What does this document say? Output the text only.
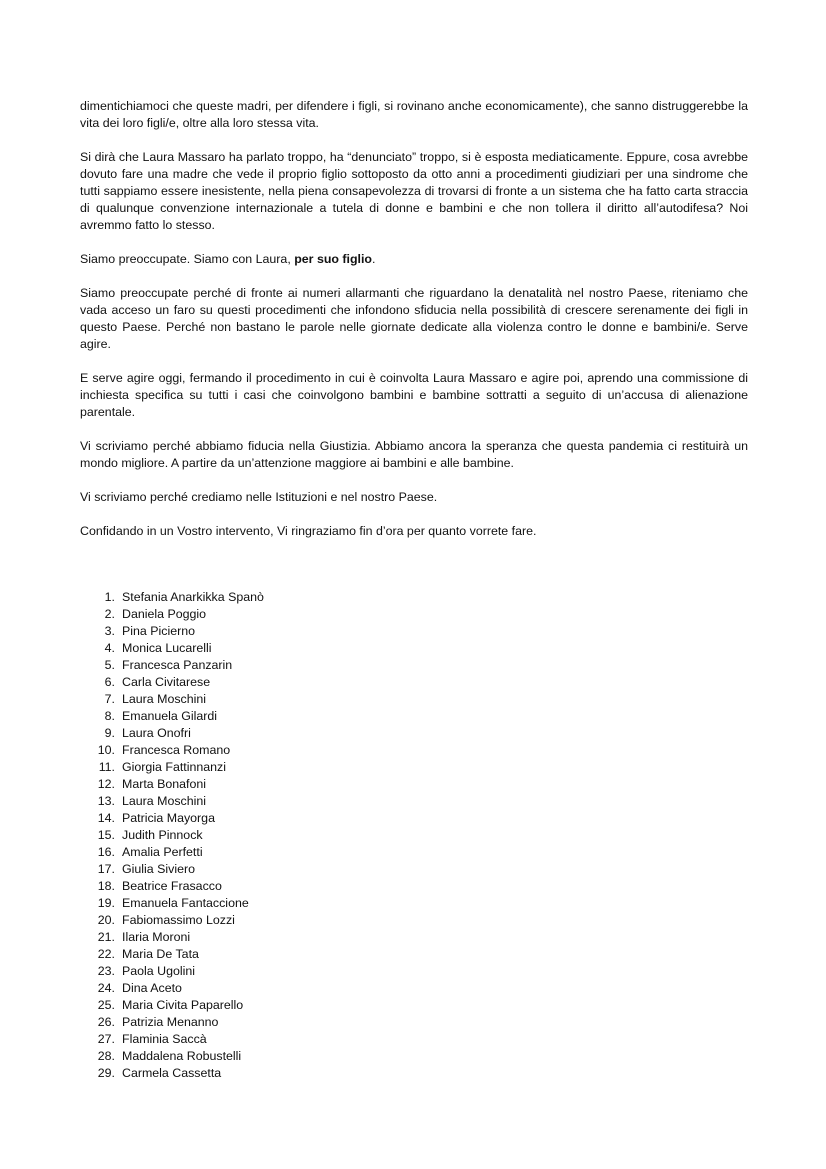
dimentichiamoci che queste madri, per difendere i figli, si rovinano anche economicamente), che sanno distruggerebbe la vita dei loro figli/e, oltre alla loro stessa vita.

Si dirà che Laura Massaro ha parlato troppo, ha “denunciato” troppo, si è esposta mediaticamente. Eppure, cosa avrebbe dovuto fare una madre che vede il proprio figlio sottoposto da otto anni a procedimenti giudiziari per una sindrome che tutti sappiamo essere inesistente, nella piena consapevolezza di trovarsi di fronte a un sistema che ha fatto carta straccia di qualunque convenzione internazionale a tutela di donne e bambini e che non tollera il diritto all’autodifesa? Noi avremmo fatto lo stesso.

Siamo preoccupate. Siamo con Laura, per suo figlio.

Siamo preoccupate perché di fronte ai numeri allarmanti che riguardano la denatalità nel nostro Paese, riteniamo che vada acceso un faro su questi procedimenti che infondono sfiducia nella possibilità di crescere serenamente dei figli in questo Paese. Perché non bastano le parole nelle giornate dedicate alla violenza contro le donne e bambini/e. Serve agire.

E serve agire oggi, fermando il procedimento in cui è coinvolta Laura Massaro e agire poi, aprendo una commissione di inchiesta specifica su tutti i casi che coinvolgono bambini e bambine sottratti a seguito di un’accusa di alienazione parentale.

Vi scriviamo perché abbiamo fiducia nella Giustizia. Abbiamo ancora la speranza che questa pandemia ci restituirà un mondo migliore. A partire da un’attenzione maggiore ai bambini e alle bambine.

Vi scriviamo perché crediamo nelle Istituzioni e nel nostro Paese.

Confidando in un Vostro intervento, Vi ringraziamo fin d’ora per quanto vorrete fare.

1. Stefania Anarkikka Spanò
2. Daniela Poggio
3. Pina Picierno
4. Monica Lucarelli
5. Francesca Panzarin
6. Carla Civitarese
7. Laura Moschini
8. Emanuela Gilardi
9. Laura Onofri
10. Francesca Romano
11. Giorgia Fattinnanzi
12. Marta Bonafoni
13. Laura Moschini
14. Patricia Mayorga
15. Judith Pinnock
16. Amalia Perfetti
17. Giulia Siviero
18. Beatrice Frasacco
19. Emanuela Fantaccione
20. Fabiomassimo Lozzi
21. Ilaria Moroni
22. Maria De Tata
23. Paola Ugolini
24. Dina Aceto
25. Maria Civita Paparello
26. Patrizia Menanno
27. Flaminia Saccà
28. Maddalena Robustelli
29. Carmela Cassetta
